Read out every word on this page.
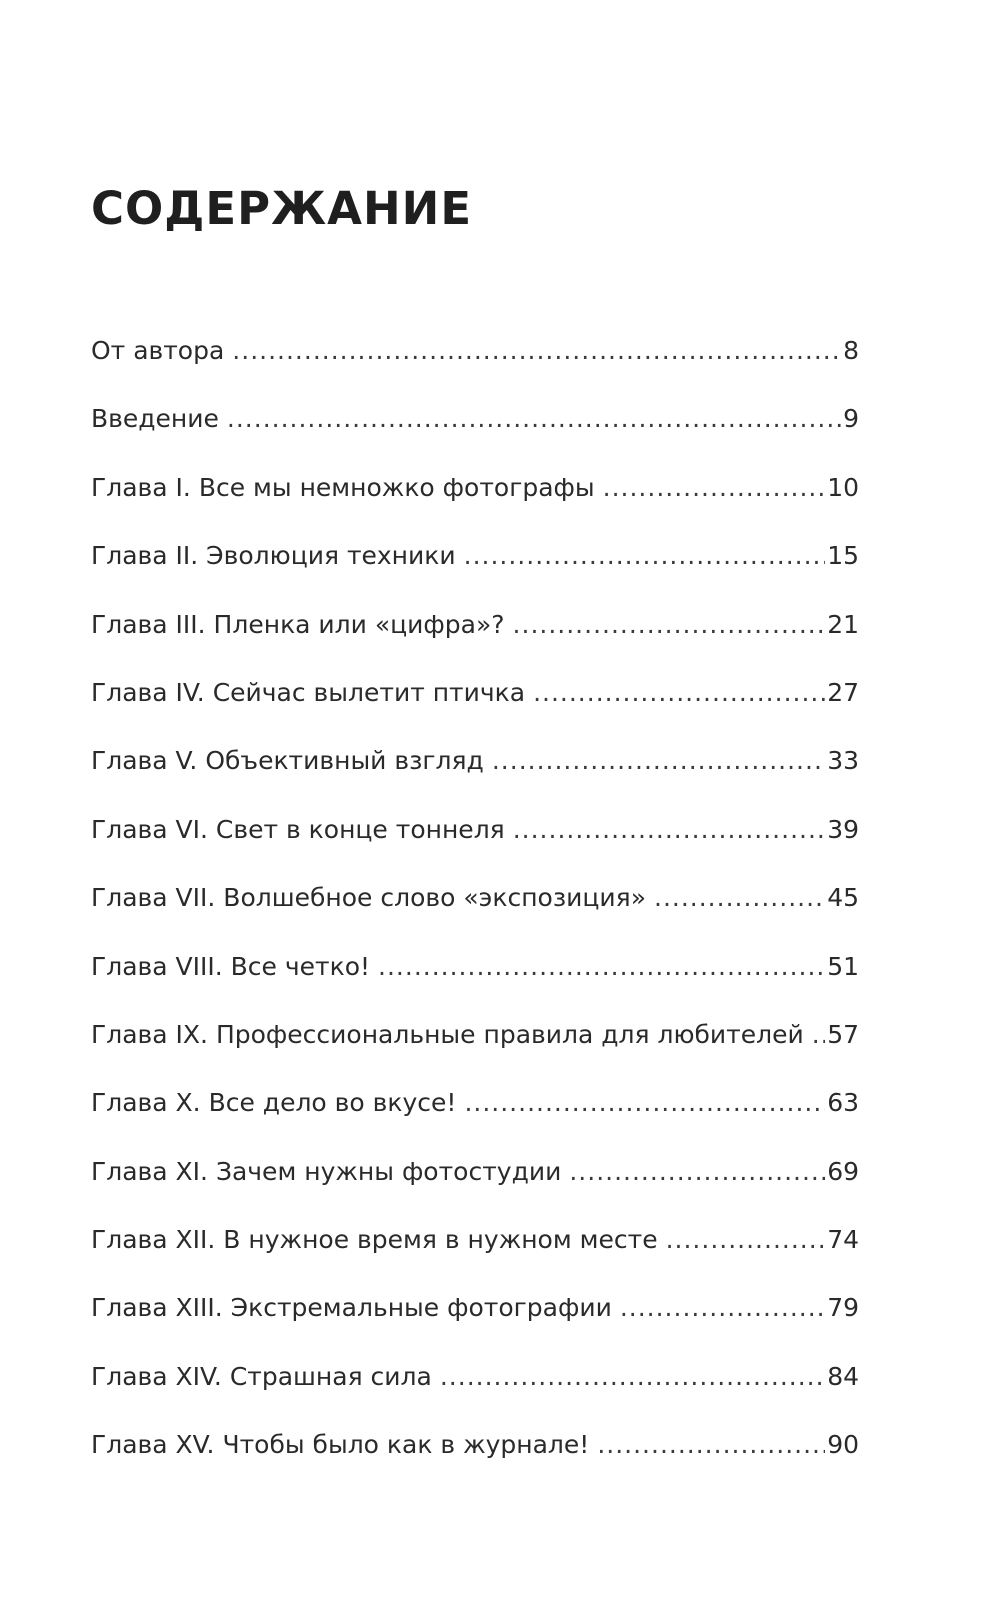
СОДЕРЖАНИЕ
От автора .....	8
Введение .....	9
Глава I. Все мы немножко фотографы .....	10
Глава II. Эволюция техники .....	15
Глава III. Пленка или «цифра»? .....	21
Глава IV. Сейчас вылетит птичка .....	27
Глава V. Объективный взгляд .....	33
Глава VI. Свет в конце тоннеля .....	39
Глава VII. Волшебное слово «экспозиция» .....	45
Глава VIII. Все четко! .....	51
Глава IX. Профессиональные правила для любителей ..... 57
Глава X. Все дело во вкусе! .....	63
Глава XI. Зачем нужны фотостудии .....	69
Глава XII. В нужное время в нужном месте .....	74
Глава XIII. Экстремальные фотографии .....	79
Глава XIV. Страшная сила .....	84
Глава XV. Чтобы было как в журнале! .....	90
